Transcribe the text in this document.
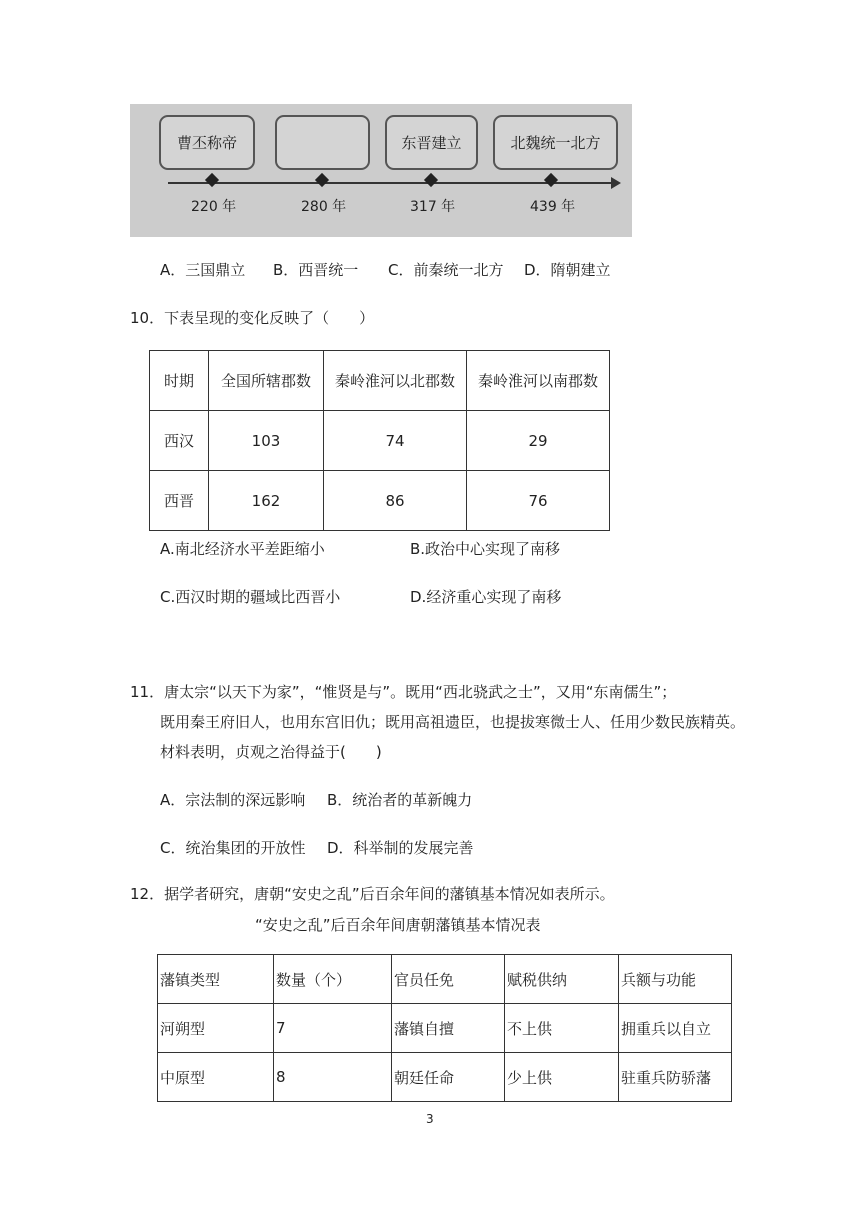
曹丕称帝	东晋建立	北魏统一北方
220 年	280 年	317 年	439 年
A．三国鼎立 B．西晋统一 C．前秦统一北方 D．隋朝建立
10．下表呈现的变化反映了（　　）
时期	全国所辖郡数	秦岭淮河以北郡数	秦岭淮河以南郡数
西汉	103	74	29
西晋	162	86	76
A.南北经济水平差距缩小	B.政治中心实现了南移
C.西汉时期的疆域比西晋小	D.经济重心实现了南移
11．唐太宗“以天下为家”，“惟贤是与”。既用“西北骁武之士”，又用“东南儒生”；
既用秦王府旧人，也用东宫旧仇；既用高祖遗臣，也提拔寒微士人、任用少数民族精英。
材料表明，贞观之治得益于(　　)
A．宗法制的深远影响 B．统治者的革新魄力
C．统治集团的开放性 D．科举制的发展完善
12．据学者研究，唐朝“安史之乱”后百余年间的藩镇基本情况如表所示。
“安史之乱”后百余年间唐朝藩镇基本情况表
藩镇类型	数量（个）	官员任免	赋税供纳	兵额与功能
河朔型	7	藩镇自擅	不上供	拥重兵以自立
中原型	8	朝廷任命	少上供	驻重兵防骄藩
3
